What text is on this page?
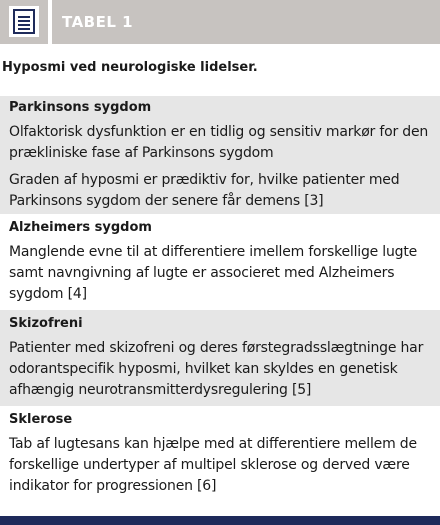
TABEL 1
Hyposmi ved neurologiske lidelser.
Parkinsons sygdom
Olfaktorisk dysfunktion er en tidlig og sensitiv markør for den prækliniske fase af Parkinsons sygdom
Graden af hyposmi er prædiktiv for, hvilke patienter med Parkinsons sygdom der senere får demens [3]
Alzheimers sygdom
Manglende evne til at differentiere imellem forskellige lugte samt navngivning af lugte er associeret med Alzheimers sygdom [4]
Skizofreni
Patienter med skizofreni og deres førstegradsslægtninge har odorantspecifik hyposmi, hvilket kan skyldes en genetisk afhængig neurotransmitterdysregulering [5]
Sklerose
Tab af lugtesans kan hjælpe med at differentiere mellem de forskellige undertyper af multipel sklerose og derved være indikator for progressionen [6]
